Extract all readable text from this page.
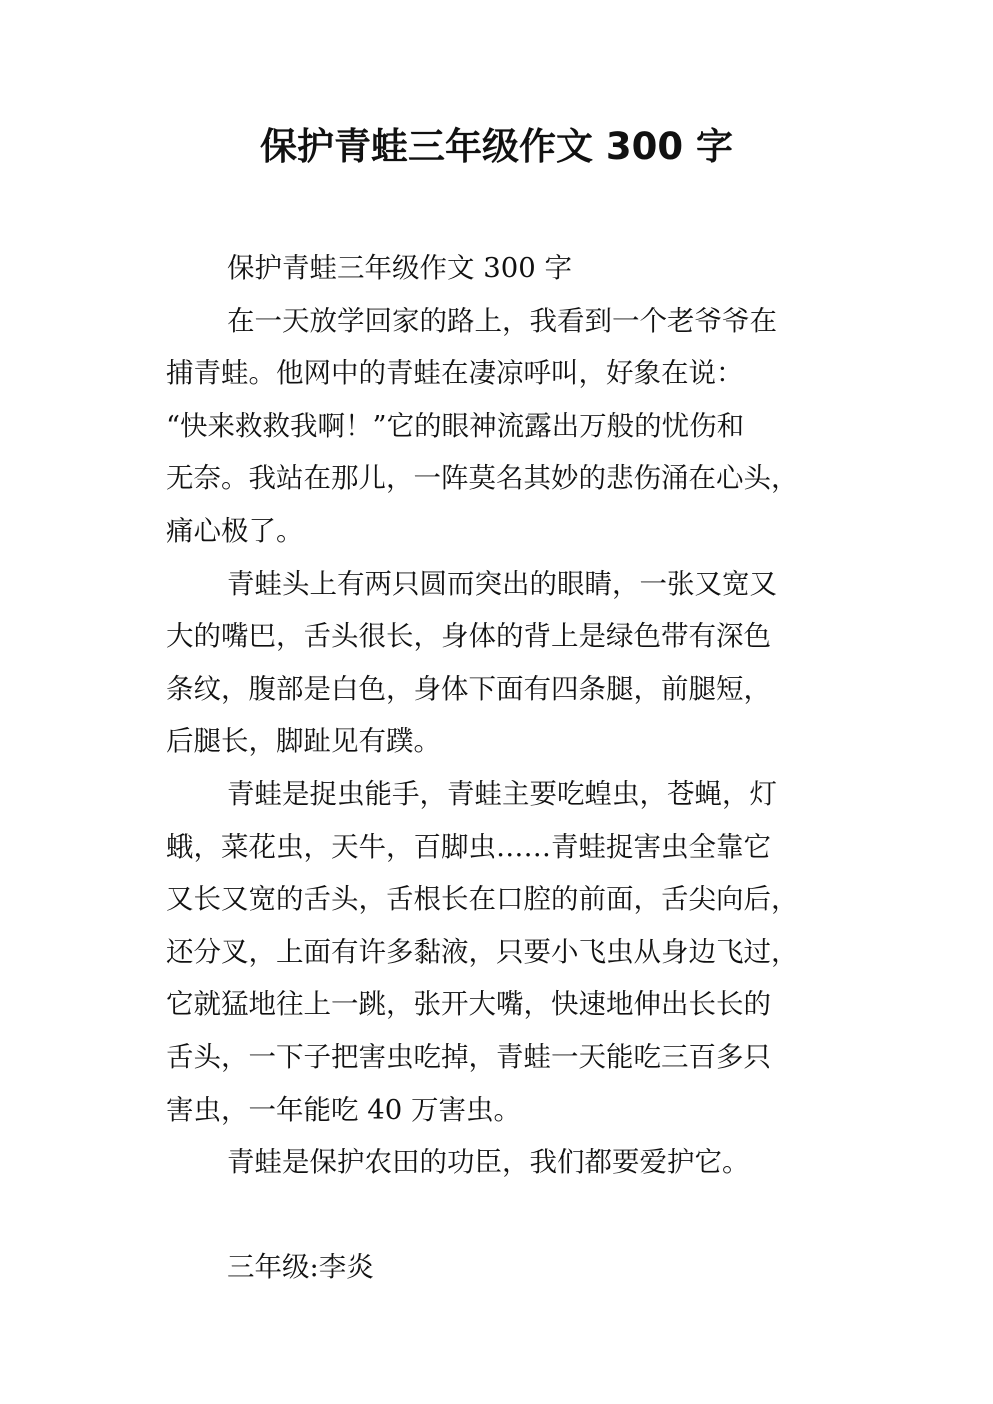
保护青蛙三年级作文 300 字
保护青蛙三年级作文 300 字
在一天放学回家的路上，我看到一个老爷爷在
捕青蛙。他网中的青蛙在凄凉呼叫，好象在说：
“快来救救我啊！”它的眼神流露出万般的忧伤和
无奈。我站在那儿，一阵莫名其妙的悲伤涌在心头，
痛心极了。
青蛙头上有两只圆而突出的眼睛，一张又宽又
大的嘴巴，舌头很长，身体的背上是绿色带有深色
条纹，腹部是白色，身体下面有四条腿，前腿短，
后腿长，脚趾见有蹼。
青蛙是捉虫能手，青蛙主要吃蝗虫，苍蝇，灯
蛾，菜花虫，天牛，百脚虫……青蛙捉害虫全靠它
又长又宽的舌头，舌根长在口腔的前面，舌尖向后，
还分叉，上面有许多黏液，只要小飞虫从身边飞过，
它就猛地往上一跳，张开大嘴，快速地伸出长长的
舌头，一下子把害虫吃掉，青蛙一天能吃三百多只
害虫，一年能吃 40 万害虫。
青蛙是保护农田的功臣，我们都要爱护它。
三年级:李炎
